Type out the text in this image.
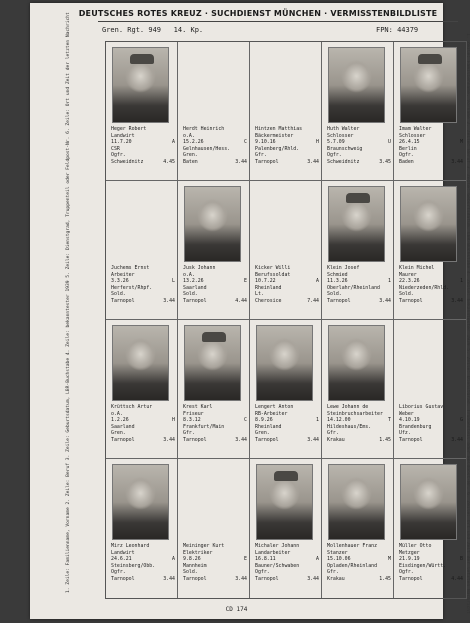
DEUTSCHES ROTES KREUZ · SUCHDIENST MÜNCHEN · VERMISSTENBILDLISTE
Gren. Rgt. 949   14. Kp.	FPN: 44379
1. Zeile: Familienname, Vorname 2. Zeile: Beruf 3. Zeile: Geburtsdatum, LBR-Buchstabe 4. Zeile: bekanntester 1939 5. Zeile: Dienstgrad, Truppenteil oder Feldpost-Nr. 6. Zeile: Ort und Zeit der letzten Nachricht	1. Zeile: Familienname, Vorname 2. Zeile: Beruf 3. Zeile: Geburtsdatum, LBR-Buchstabe 4. Zeile: bekanntester 1939 5. Zeile: Dienstgrad, Truppenteil oder Feldpost-Nr. 6. Zeile: Ort und Zeit der letzten Nachricht
Heger Robert
Landwirt
11.7.20	A
CSR
Ogfr.
Schweidnitz	4.45
Herdt Heinrich
o.A.
15.2.26	C
Gelnhausen/Hess.
Gren.
Baten	3.44
Hintzen Matthias
Bäckermeister
9.10.16	H
Palenberg/Rhld.
Gfr.
Tarnopol	3.44
Huth Walter
Schlosser
5.7.09	U
Braunschweig
Ogfr.
Schweidnitz	3.45
Imam Walter
Schlosser
26.4.15	M
Berlin
Ogfr.
Baden	3.44
Juchems Ernst
Arbeiter
3.3.26	L
Herferst/Rhpf.
Sold.
Tarnopol	3.44
Jusk Johann
o.A.
13.2.26	E
Saarland
Sold.
Tarnopol	4.44
Kicker Willi
Berufssoldat
10.7.22	A
Rheinland
Lt.
Cherosice	7.44
Klein Josef
Schmied
11.3.26	1
Oberlahr/Rheinland
Sold.
Tarnopol	3.44
Klein Michel
Maurer
22.3.26	1
Niederzeden/Rhld.
Sold.
Tarnopol	3.44
Krüttsch Artur
o.A.
1.2.26	H
Saarland
Gren.
Tarnopol	3.44
Krest Karl
Friseur
8.3.12	C
Frankfurt/Main
Gfr.
Tarnopol	3.44
Lengert Anton
RB-Arbeiter
8.9.26	1
Rheinland
Gren.
Tarnopol	3.44
Lewe Johann de
Steinbruchsarbeiter
14.12.00	T
Hildeshaus/Ems.
Gfr.
Krakau	1.45
Liborius Gustav
Weber
4.10.19	G
Brandenburg
Ufz.
Tarnopol	3.44
Mirz Leonhard
Landwirt
24.6.21	A
Steinsberg/Obb.
Ogfr.
Tarnopol	3.44
Meininger Kurt
Elektriker
9.8.26	E
Mannheim
Sold.
Tarnopol	3.44
Michaler Johann
Landarbeiter
16.8.11	A
Bauner/Schwaben
Ogfr.
Tarnopol	3.44
Mollenhauer Franz
Stanzer
15.10.06	M
Opladen/Rheinland
Gfr.
Krakau	1.45
Müller Otto
Metzger
21.9.19	B
Eisdingen/Württ.
Ogfr.
Tarnopol	4.44
CD 174
